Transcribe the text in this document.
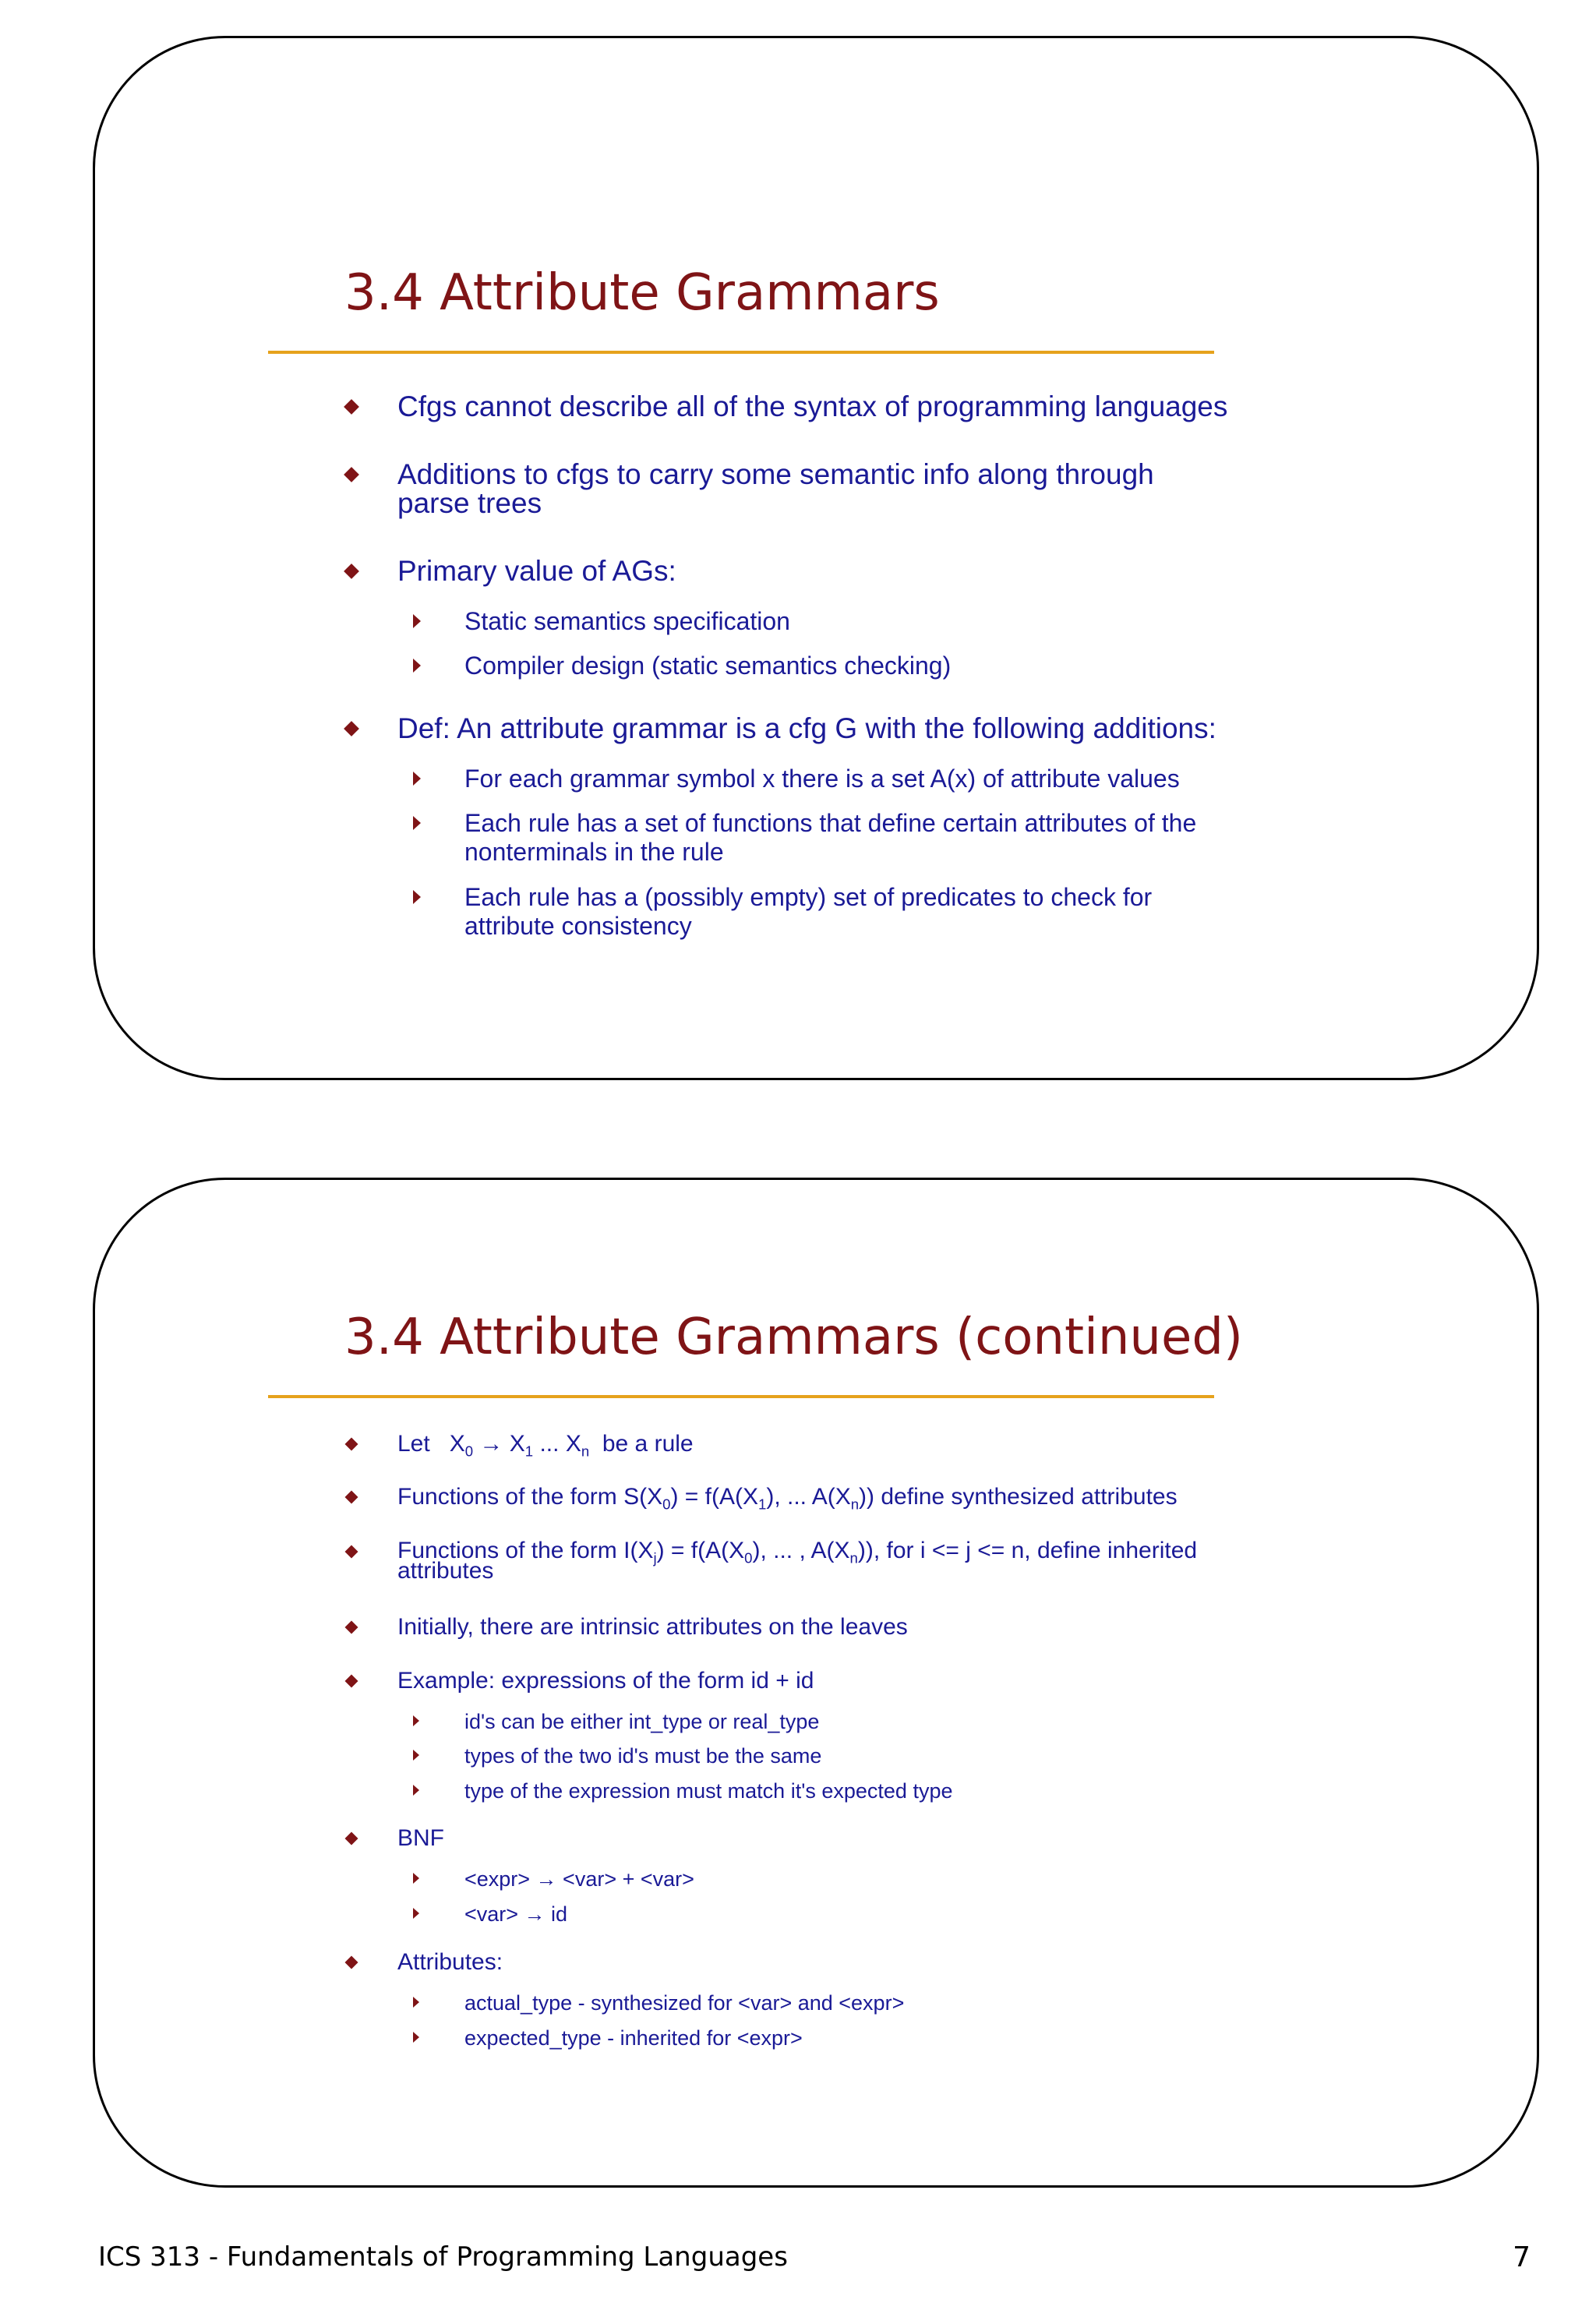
3.4 Attribute Grammars
Cfgs cannot describe all of the syntax of programming languages
Additions to cfgs to carry some semantic info along through parse trees
Primary value of AGs:
Static semantics specification
Compiler design (static semantics checking)
Def: An attribute grammar is a cfg G with the following additions:
For each grammar symbol x there is a set A(x) of attribute values
Each rule has a set of functions that define certain attributes of the nonterminals in the rule
Each rule has a (possibly empty) set of predicates to check for attribute consistency
3.4 Attribute Grammars (continued)
Let $X_0 \to X_1$ ... $X_n$  be a rule
Functions of the form $S(X_0) = f(A(X_1)$, ... $A(X_n)$) define synthesized attributes
Functions of the form $I(X_j) = f(A(X_0)$, ... , $A(X_n)$), for i <= j <= n, define inherited attributes
Initially, there are intrinsic attributes on the leaves
Example: expressions of the form id + id
id's can be either int_type or real_type
types of the two id's must be the same
type of the expression must match it's expected type
BNF
<expr> → <var> + <var>
<var> → id
Attributes:
actual_type - synthesized for <var> and <expr>
expected_type - inherited for <expr>
ICS 313 - Fundamentals of Programming Languages	7
